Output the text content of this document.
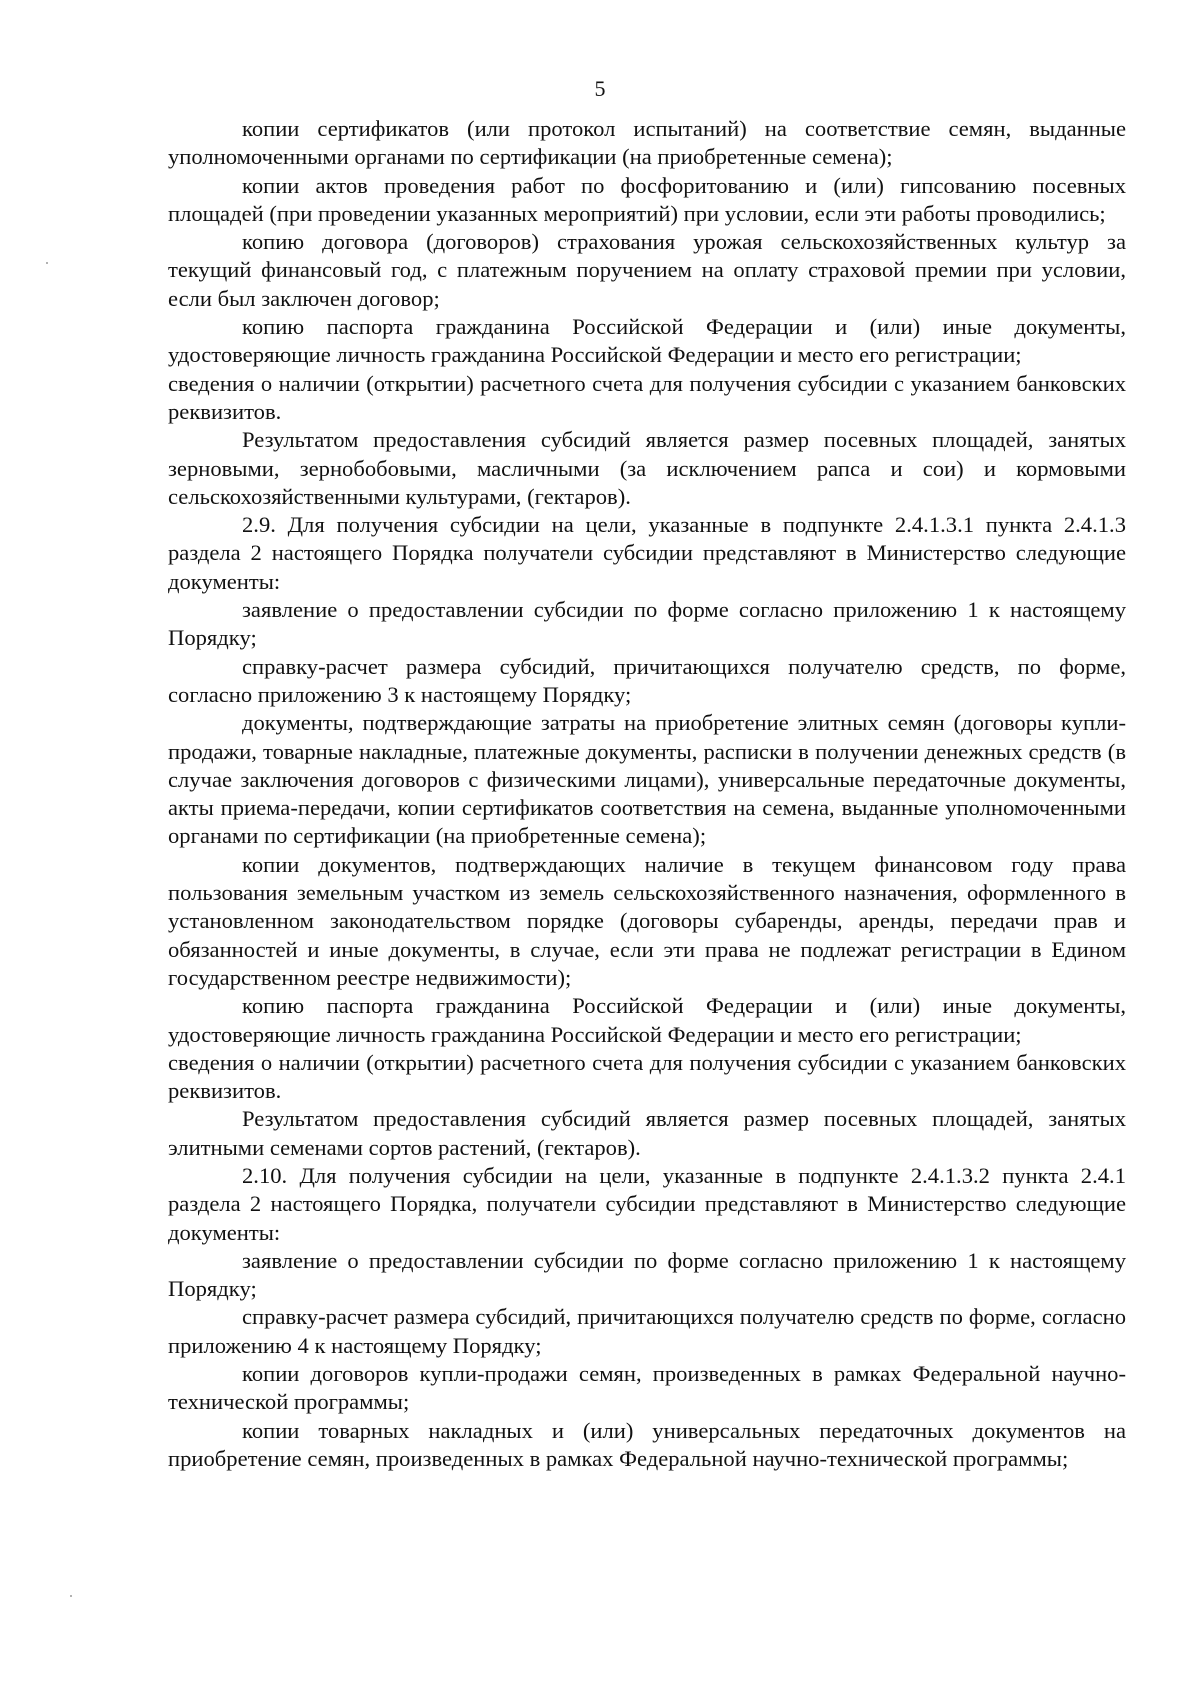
5

копии сертификатов (или протокол испытаний) на соответствие семян, выданные уполномоченными органами по сертификации (на приобретенные семена);

копии актов проведения работ по фосфоритованию и (или) гипсованию посевных площадей (при проведении указанных мероприятий) при условии, если эти работы проводились;

копию договора (договоров) страхования урожая сельскохозяйственных культур за текущий финансовый год, с платежным поручением на оплату страховой премии при условии, если был заключен договор;

копию паспорта гражданина Российской Федерации и (или) иные документы, удостоверяющие личность гражданина Российской Федерации и место его регистрации;

сведения о наличии (открытии) расчетного счета для получения субсидии с указанием банковских реквизитов.

Результатом предоставления субсидий является размер посевных площадей, занятых зерновыми, зернобобовыми, масличными (за исключением рапса и сои) и кормовыми сельскохозяйственными культурами, (гектаров).

2.9. Для получения субсидии на цели, указанные в подпункте 2.4.1.3.1 пункта 2.4.1.3 раздела 2 настоящего Порядка получатели субсидии представляют в Министерство следующие документы:

заявление о предоставлении субсидии по форме согласно приложению 1 к настоящему Порядку;

справку-расчет размера субсидий, причитающихся получателю средств, по форме, согласно приложению 3 к настоящему Порядку;

документы, подтверждающие затраты на приобретение элитных семян (договоры купли-продажи, товарные накладные, платежные документы, расписки в получении денежных средств (в случае заключения договоров с физическими лицами), универсальные передаточные документы, акты приема-передачи, копии сертификатов соответствия на семена, выданные уполномоченными органами по сертификации (на приобретенные семена);

копии документов, подтверждающих наличие в текущем финансовом году права пользования земельным участком из земель сельскохозяйственного назначения, оформленного в установленном законодательством порядке (договоры субаренды, аренды, передачи прав и обязанностей и иные документы, в случае, если эти права не подлежат регистрации в Едином государственном реестре недвижимости);

копию паспорта гражданина Российской Федерации и (или) иные документы, удостоверяющие личность гражданина Российской Федерации и место его регистрации;

сведения о наличии (открытии) расчетного счета для получения субсидии с указанием банковских реквизитов.

Результатом предоставления субсидий является размер посевных площадей, занятых элитными семенами сортов растений, (гектаров).

2.10. Для получения субсидии на цели, указанные в подпункте 2.4.1.3.2 пункта 2.4.1 раздела 2 настоящего Порядка, получатели субсидии представляют в Министерство следующие документы:

заявление о предоставлении субсидии по форме согласно приложению 1 к настоящему Порядку;

справку-расчет размера субсидий, причитающихся получателю средств по форме, согласно приложению 4 к настоящему Порядку;

копии договоров купли-продажи семян, произведенных в рамках Федеральной научно-технической программы;

копии товарных накладных и (или) универсальных передаточных документов на приобретение семян, произведенных в рамках Федеральной научно-технической программы;
